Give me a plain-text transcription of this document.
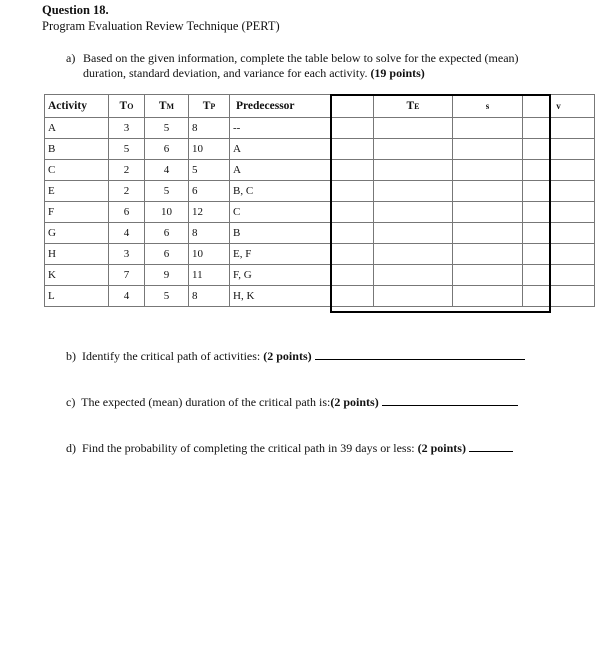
Question 18.
Program Evaluation Review Technique (PERT)
a) Based on the given information, complete the table below to solve for the expected (mean) duration, standard deviation, and variance for each activity. (19 points)
Activity	TO	TM	TP	Predecessor	TE	s	v
A	3	5	8	--			
B	5	6	10	A			
C	2	4	5	A			
E	2	5	6	B, C			
F	6	10	12	C			
G	4	6	8	B			
H	3	6	10	E, F			
K	7	9	11	F, G			
L	4	5	8	H, K			
b) Identify the critical path of activities: (2 points)
c) The expected (mean) duration of the critical path is:(2 points)
d) Find the probability of completing the critical path in 39 days or less: (2 points)
